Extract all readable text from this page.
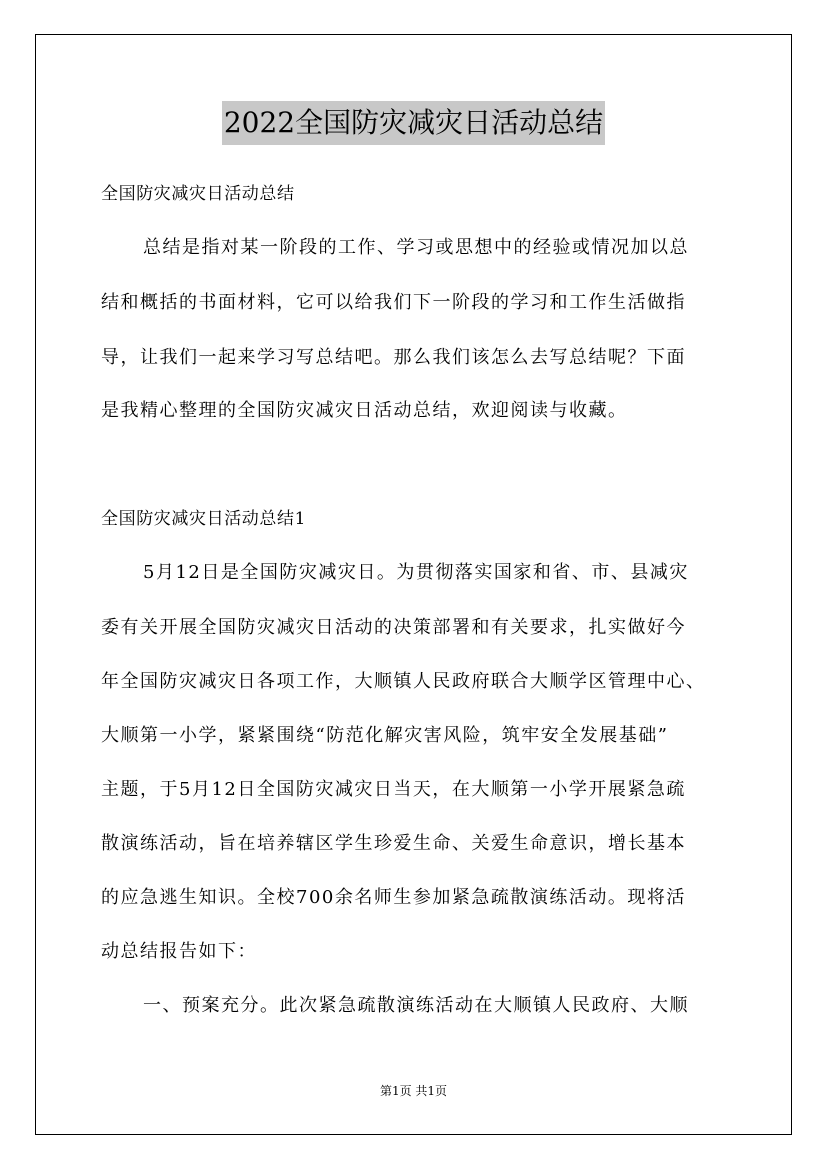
2022全国防灾减灾日活动总结

全国防灾减灾日活动总结

总结是指对某一阶段的工作、学习或思想中的经验或情况加以总

结和概括的书面材料，它可以给我们下一阶段的学习和工作生活做指

导，让我们一起来学习写总结吧。那么我们该怎么去写总结呢？下面

是我精心整理的全国防灾减灾日活动总结，欢迎阅读与收藏。

全国防灾减灾日活动总结1

5月12日是全国防灾减灾日。为贯彻落实国家和省、市、县减灾

委有关开展全国防灾减灾日活动的决策部署和有关要求，扎实做好今

年全国防灾减灾日各项工作，大顺镇人民政府联合大顺学区管理中心、

大顺第一小学，紧紧围绕“防范化解灾害风险，筑牢安全发展基础”

主题，于5月12日全国防灾减灾日当天，在大顺第一小学开展紧急疏

散演练活动，旨在培养辖区学生珍爱生命、关爱生命意识，增长基本

的应急逃生知识。全校700余名师生参加紧急疏散演练活动。现将活

动总结报告如下：

一、预案充分。此次紧急疏散演练活动在大顺镇人民政府、大顺

第1页 共1页
